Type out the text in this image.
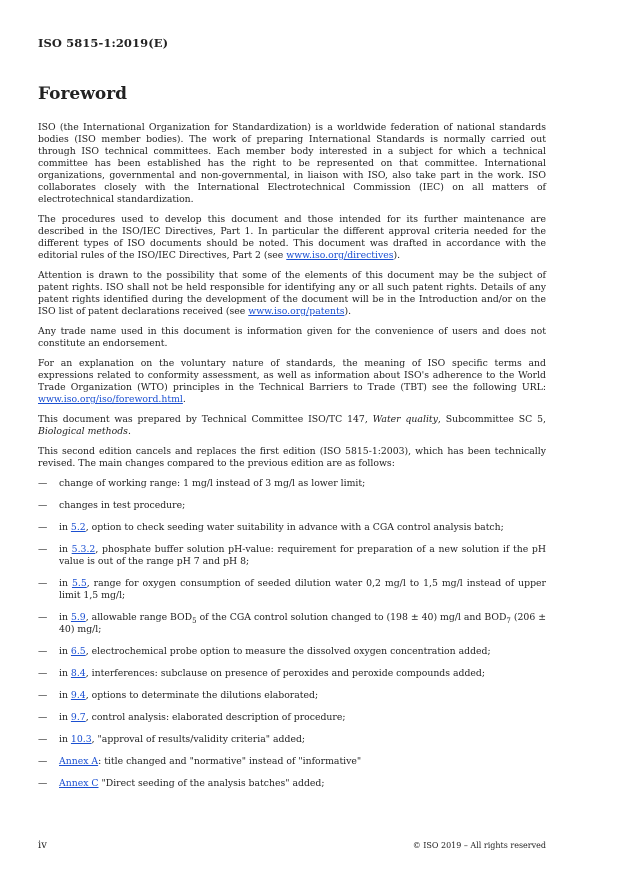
ISO 5815-1:2019(E)
Foreword

ISO (the International Organization for Standardization) is a worldwide federation of national standards bodies (ISO member bodies). The work of preparing International Standards is normally carried out through ISO technical committees. Each member body interested in a subject for which a technical committee has been established has the right to be represented on that committee. International organizations, governmental and non-governmental, in liaison with ISO, also take part in the work. ISO collaborates closely with the International Electrotechnical Commission (IEC) on all matters of electrotechnical standardization.

The procedures used to develop this document and those intended for its further maintenance are described in the ISO/IEC Directives, Part 1. In particular the different approval criteria needed for the different types of ISO documents should be noted. This document was drafted in accordance with the editorial rules of the ISO/IEC Directives, Part 2 (see www.iso.org/directives).

Attention is drawn to the possibility that some of the elements of this document may be the subject of patent rights. ISO shall not be held responsible for identifying any or all such patent rights. Details of any patent rights identified during the development of the document will be in the Introduction and/or on the ISO list of patent declarations received (see www.iso.org/patents).

Any trade name used in this document is information given for the convenience of users and does not constitute an endorsement.

For an explanation on the voluntary nature of standards, the meaning of ISO specific terms and expressions related to conformity assessment, as well as information about ISO's adherence to the World Trade Organization (WTO) principles in the Technical Barriers to Trade (TBT) see the following URL: www.iso.org/iso/foreword.html.

This document was prepared by Technical Committee ISO/TC 147, Water quality, Subcommittee SC 5, Biological methods.

This second edition cancels and replaces the first edition (ISO 5815-1:2003), which has been technically revised. The main changes compared to the previous edition are as follows:

— change of working range: 1 mg/l instead of 3 mg/l as lower limit;
— changes in test procedure;
— in 5.2, option to check seeding water suitability in advance with a CGA control analysis batch;
— in 5.3.2, phosphate buffer solution pH-value: requirement for preparation of a new solution if the pH value is out of the range pH 7 and pH 8;
— in 5.5, range for oxygen consumption of seeded dilution water 0,2 mg/l to 1,5 mg/l instead of upper limit 1,5 mg/l;
— in 5.9, allowable range $BOD_5$ of the CGA control solution changed to (198 ± 40) mg/l and $BOD_7$ (206 ± 40) mg/l;
— in 6.5, electrochemical probe option to measure the dissolved oxygen concentration added;
— in 8.4, interferences: subclause on presence of peroxides and peroxide compounds added;
— in 9.4, options to determinate the dilutions elaborated;
— in 9.7, control analysis: elaborated description of procedure;
— in 10.3, "approval of results/validity criteria" added;
— Annex A: title changed and "normative" instead of "informative"
— Annex C "Direct seeding of the analysis batches" added;
iv	© ISO 2019 – All rights reserved
